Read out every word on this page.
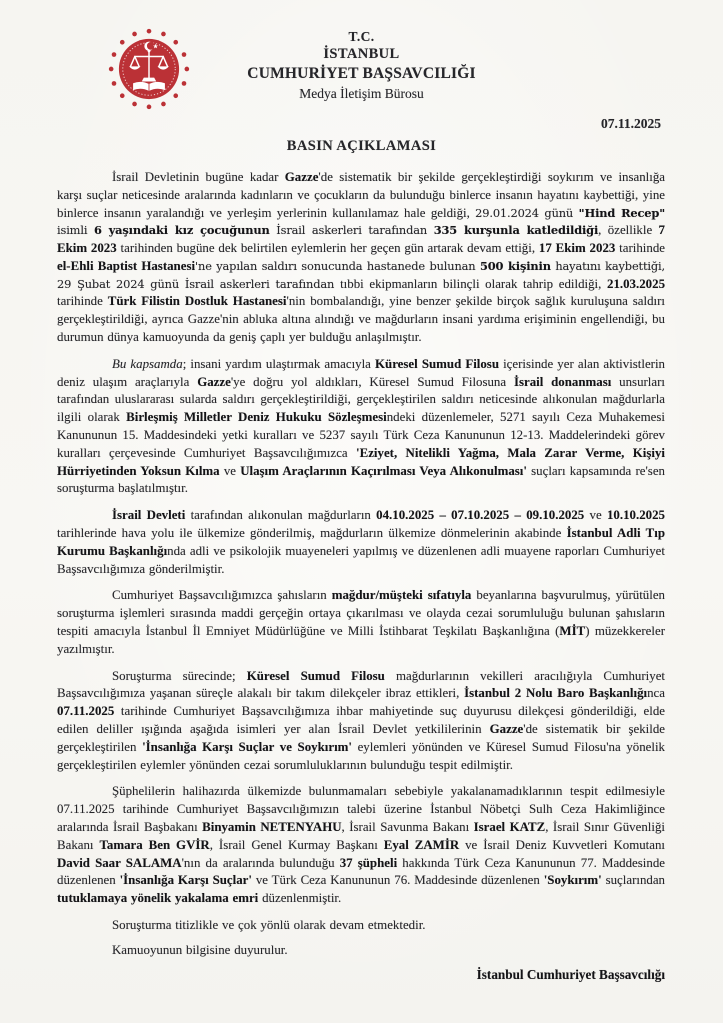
T.C.
İSTANBUL
CUMHURİYET BAŞSAVCILIĞI
Medya İletişim Bürosu
07.11.2025
BASIN AÇIKLAMASI

İsrail Devletinin bugüne kadar Gazze'de sistematik bir şekilde gerçekleştirdiği soykırım ve insanlığa karşı suçlar neticesinde aralarında kadınların ve çocukların da bulunduğu binlerce insanın hayatını kaybettiği, yine binlerce insanın yaralandığı ve yerleşim yerlerinin kullanılamaz hale geldiği, 29.01.2024 günü "Hind Recep" isimli 6 yaşındaki kız çocuğunun İsrail askerleri tarafından 335 kurşunla katledildiği, özellikle 7 Ekim 2023 tarihinden bugüne dek belirtilen eylemlerin her geçen gün artarak devam ettiği, 17 Ekim 2023 tarihinde el-Ehli Baptist Hastanesi'ne yapılan saldırı sonucunda hastanede bulunan 500 kişinin hayatını kaybettiği, 29 Şubat 2024 günü İsrail askerleri tarafından tıbbi ekipmanların bilinçli olarak tahrip edildiği, 21.03.2025 tarihinde Türk Filistin Dostluk Hastanesi'nin bombalandığı, yine benzer şekilde birçok sağlık kuruluşuna saldırı gerçekleştirildiği, ayrıca Gazze'nin abluka altına alındığı ve mağdurların insani yardıma erişiminin engellendiği, bu durumun dünya kamuoyunda da geniş çaplı yer bulduğu anlaşılmıştır.

Bu kapsamda; insani yardım ulaştırmak amacıyla Küresel Sumud Filosu içerisinde yer alan aktivistlerin deniz ulaşım araçlarıyla Gazze'ye doğru yol aldıkları, Küresel Sumud Filosuna İsrail donanması unsurları tarafından uluslararası sularda saldırı gerçekleştirildiği, gerçekleştirilen saldırı neticesinde alıkonulan mağdurlarla ilgili olarak Birleşmiş Milletler Deniz Hukuku Sözleşmesindeki düzenlemeler, 5271 sayılı Ceza Muhakemesi Kanununun 15. Maddesindeki yetki kuralları ve 5237 sayılı Türk Ceza Kanununun 12-13. Maddelerindeki görev kuralları çerçevesinde Cumhuriyet Başsavcılığımızca 'Eziyet, Nitelikli Yağma, Mala Zarar Verme, Kişiyi Hürriyetinden Yoksun Kılma ve Ulaşım Araçlarının Kaçırılması Veya Alıkonulması' suçları kapsamında re'sen soruşturma başlatılmıştır.

İsrail Devleti tarafından alıkonulan mağdurların 04.10.2025 – 07.10.2025 – 09.10.2025 ve 10.10.2025 tarihlerinde hava yolu ile ülkemize gönderilmiş, mağdurların ülkemize dönmelerinin akabinde İstanbul Adli Tıp Kurumu Başkanlığında adli ve psikolojik muayeneleri yapılmış ve düzenlenen adli muayene raporları Cumhuriyet Başsavcılığımıza gönderilmiştir.

Cumhuriyet Başsavcılığımızca şahısların mağdur/müşteki sıfatıyla beyanlarına başvurulmuş, yürütülen soruşturma işlemleri sırasında maddi gerçeğin ortaya çıkarılması ve olayda cezai sorumluluğu bulunan şahısların tespiti amacıyla İstanbul İl Emniyet Müdürlüğüne ve Milli İstihbarat Teşkilatı Başkanlığına (MİT) müzekkereler yazılmıştır.

Soruşturma sürecinde; Küresel Sumud Filosu mağdurlarının vekilleri aracılığıyla Cumhuriyet Başsavcılığımıza yaşanan süreçle alakalı bir takım dilekçeler ibraz ettikleri, İstanbul 2 Nolu Baro Başkanlığınca 07.11.2025 tarihinde Cumhuriyet Başsavcılığımıza ihbar mahiyetinde suç duyurusu dilekçesi gönderildiği, elde edilen deliller ışığında aşağıda isimleri yer alan İsrail Devlet yetkililerinin Gazze'de sistematik bir şekilde gerçekleştirilen 'İnsanlığa Karşı Suçlar ve Soykırım' eylemleri yönünden ve Küresel Sumud Filosu'na yönelik gerçekleştirilen eylemler yönünden cezai sorumluluklarının bulunduğu tespit edilmiştir.

Şüphelilerin halihazırda ülkemizde bulunmamaları sebebiyle yakalanamadıklarının tespit edilmesiyle 07.11.2025 tarihinde Cumhuriyet Başsavcılığımızın talebi üzerine İstanbul Nöbetçi Sulh Ceza Hakimliğince aralarında İsrail Başbakanı Binyamin NETENYAHU, İsrail Savunma Bakanı Israel KATZ, İsrail Sınır Güvenliği Bakanı Tamara Ben GVİR, İsrail Genel Kurmay Başkanı Eyal ZAMİR ve İsrail Deniz Kuvvetleri Komutanı David Saar SALAMA'nın da aralarında bulunduğu 37 şüpheli hakkında Türk Ceza Kanununun 77. Maddesinde düzenlenen 'İnsanlığa Karşı Suçlar' ve Türk Ceza Kanununun 76. Maddesinde düzenlenen 'Soykırım' suçlarından tutuklamaya yönelik yakalama emri düzenlenmiştir.

Soruşturma titizlikle ve çok yönlü olarak devam etmektedir.

Kamuoyunun bilgisine duyurulur.

İstanbul Cumhuriyet Başsavcılığı
